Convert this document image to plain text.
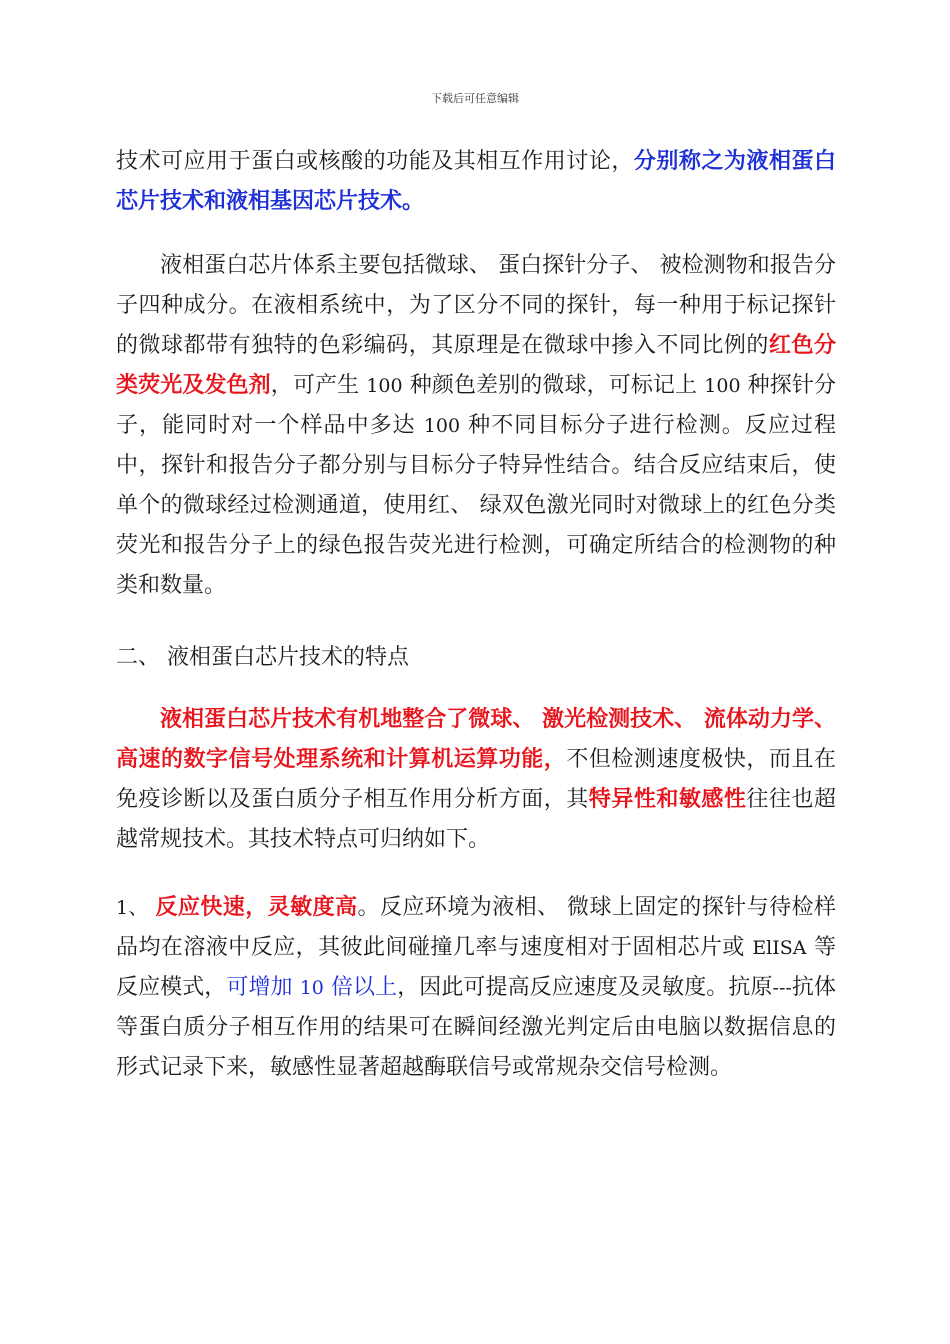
下载后可任意编辑

技术可应用于蛋白或核酸的功能及其相互作用讨论，分别称之为液相蛋白芯片技术和液相基因芯片技术。

液相蛋白芯片体系主要包括微球、 蛋白探针分子、 被检测物和报告分子四种成分。在液相系统中，为了区分不同的探针，每一种用于标记探针的微球都带有独特的色彩编码，其原理是在微球中掺入不同比例的红色分类荧光及发色剂，可产生 100 种颜色差别的微球，可标记上 100 种探针分子，能同时对一个样品中多达 100 种不同目标分子进行检测。反应过程中，探针和报告分子都分别与目标分子特异性结合。结合反应结束后，使单个的微球经过检测通道，使用红、 绿双色激光同时对微球上的红色分类荧光和报告分子上的绿色报告荧光进行检测，可确定所结合的检测物的种类和数量。

二、 液相蛋白芯片技术的特点

液相蛋白芯片技术有机地整合了微球、 激光检测技术、 流体动力学、 高速的数字信号处理系统和计算机运算功能，不但检测速度极快，而且在免疫诊断以及蛋白质分子相互作用分析方面，其特异性和敏感性往往也超越常规技术。其技术特点可归纳如下。

1、 反应快速，灵敏度高。反应环境为液相、 微球上固定的探针与待检样品均在溶液中反应，其彼此间碰撞几率与速度相对于固相芯片或 ElISA 等反应模式，可增加 10 倍以上，因此可提高反应速度及灵敏度。抗原---抗体等蛋白质分子相互作用的结果可在瞬间经激光判定后由电脑以数据信息的形式记录下来，敏感性显著超越酶联信号或常规杂交信号检测。
